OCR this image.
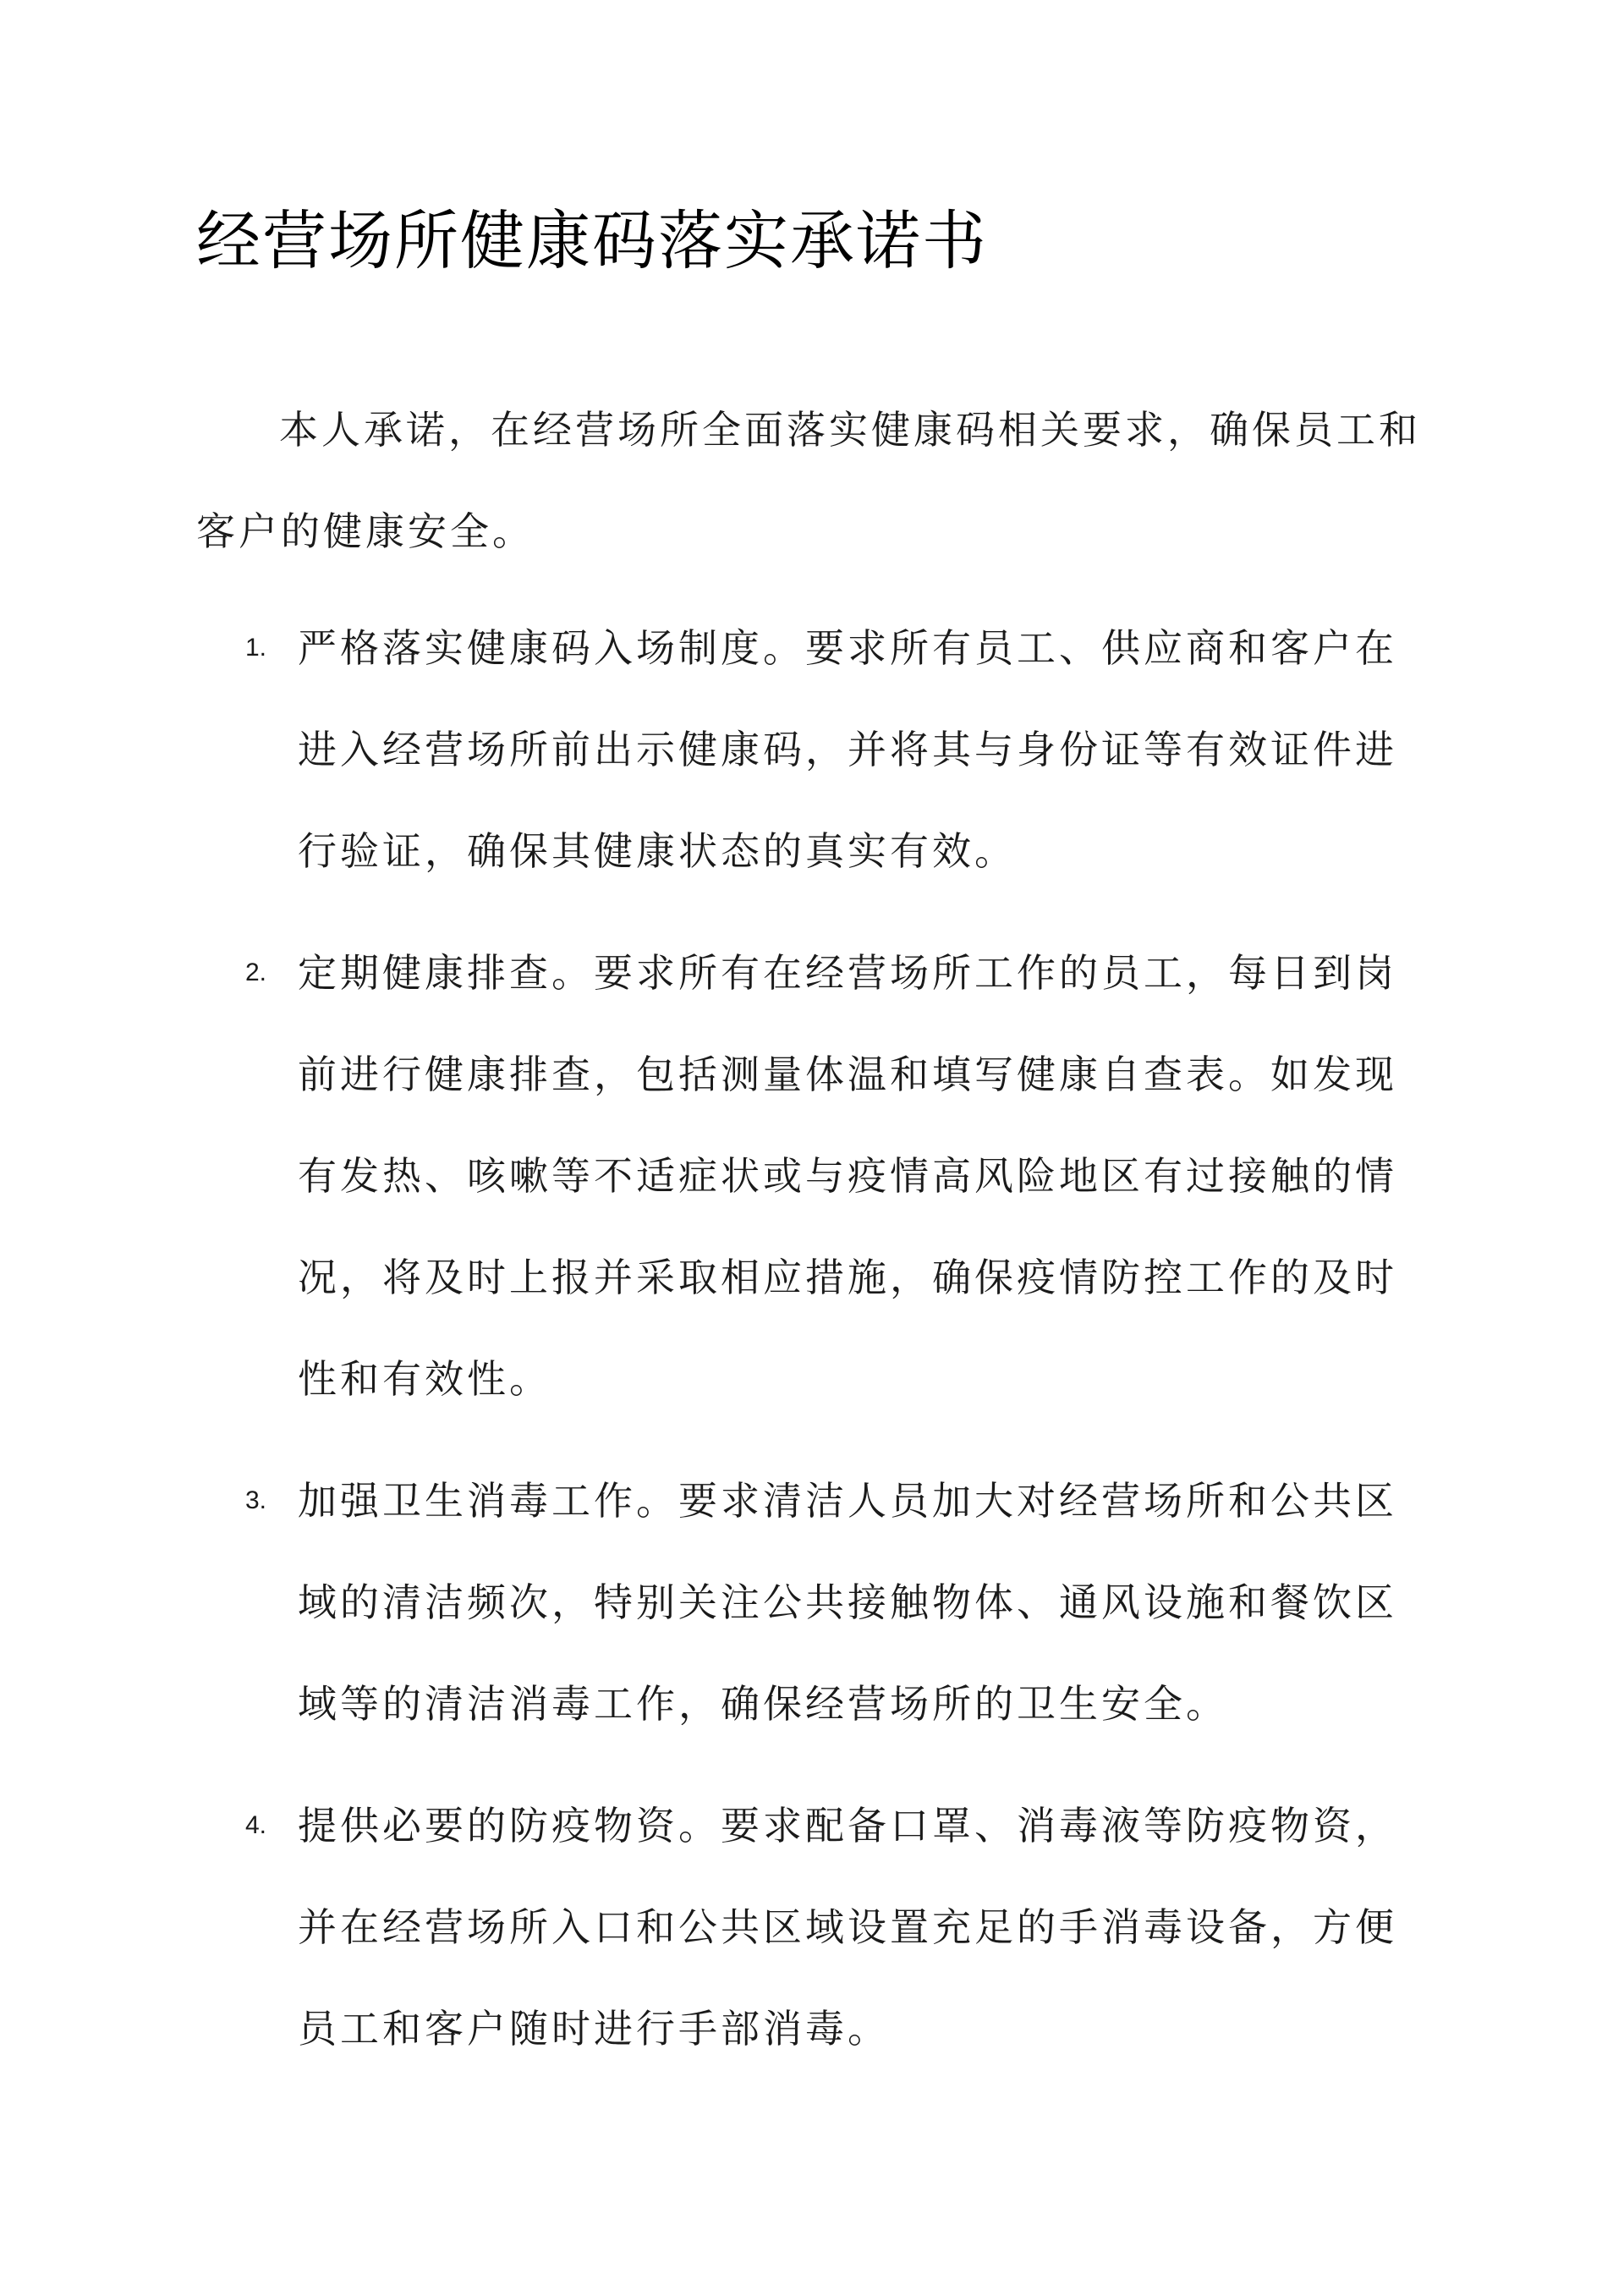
经营场所健康码落实承诺书

本人承诺，在经营场所全面落实健康码相关要求，确保员工和客户的健康安全。

1. 严格落实健康码入场制度。要求所有员工、供应商和客户在进入经营场所前出示健康码，并将其与身份证等有效证件进行验证，确保其健康状态的真实有效。

2. 定期健康排查。要求所有在经营场所工作的员工，每日到岗前进行健康排查，包括测量体温和填写健康自查表。如发现有发热、咳嗽等不适症状或与疫情高风险地区有过接触的情况，将及时上报并采取相应措施，确保疫情防控工作的及时性和有效性。

3. 加强卫生消毒工作。要求清洁人员加大对经营场所和公共区域的清洁频次，特别关注公共接触物体、通风设施和餐饮区域等的清洁消毒工作，确保经营场所的卫生安全。

4. 提供必要的防疫物资。要求配备口罩、消毒液等防疫物资，并在经营场所入口和公共区域设置充足的手消毒设备，方便员工和客户随时进行手部消毒。
